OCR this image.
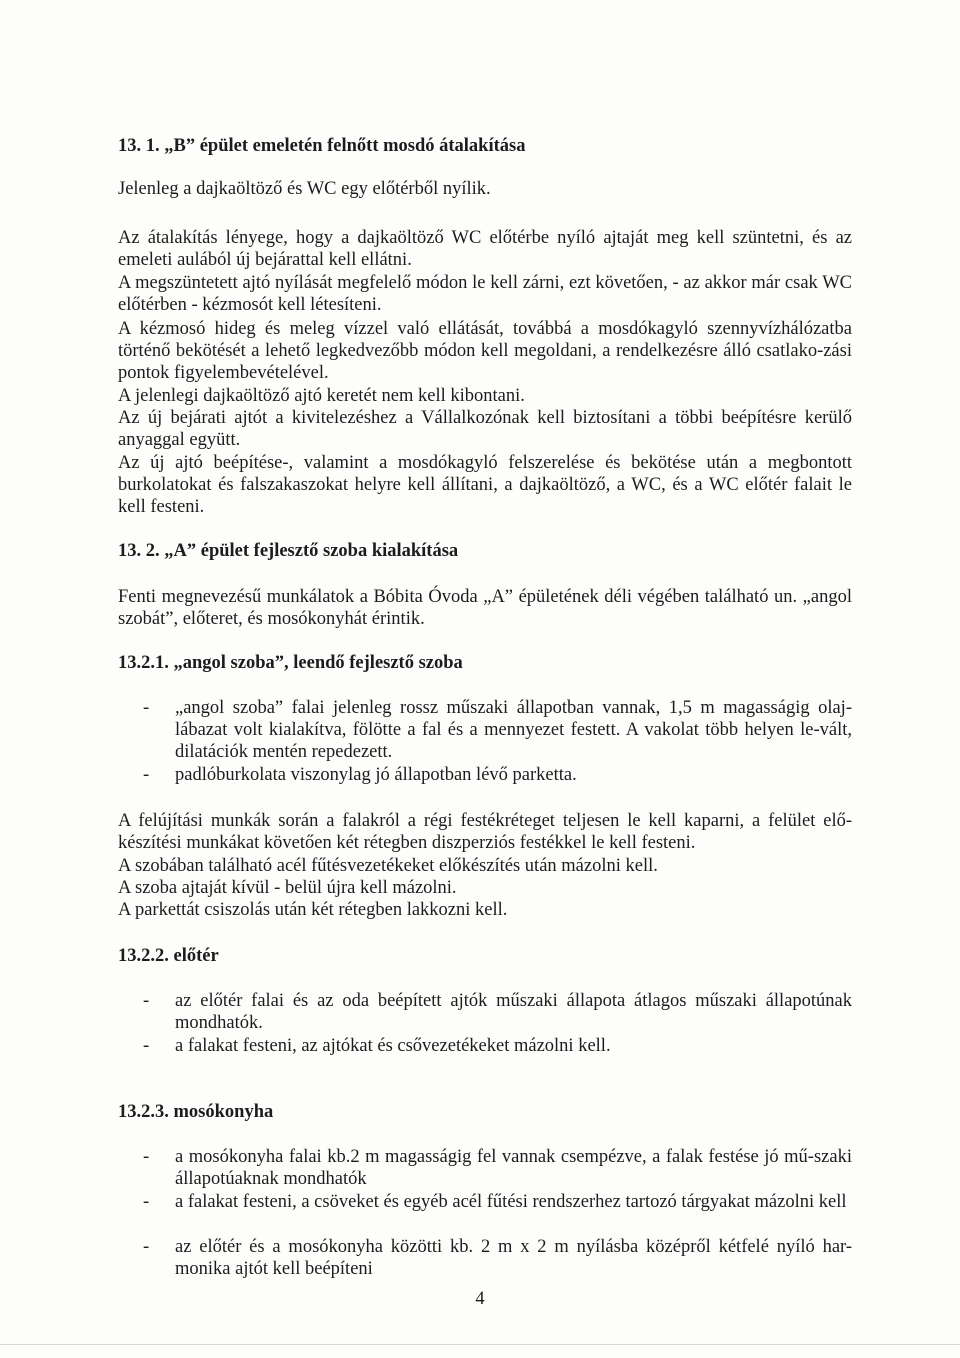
13. 1. „B” épület emeletén felnőtt mosdó átalakítása

Jelenleg a dajkaöltöző és WC egy előtérből nyílik.

Az átalakítás lényege, hogy a dajkaöltöző WC előtérbe nyíló ajtaját meg kell szüntetni, és az emeleti aulából új bejárattal kell ellátni.

A megszüntetett ajtó nyílását megfelelő módon le kell zárni, ezt követően, - az akkor már csak WC előtérben - kézmosót kell létesíteni.

A kézmosó hideg és meleg vízzel való ellátását, továbbá a mosdókagyló szennyvízhálózatba történő bekötését a lehető legkedvezőbb módon kell megoldani, a rendelkezésre álló csatlako-zási pontok figyelembevételével.

A jelenlegi dajkaöltöző ajtó keretét nem kell kibontani.

Az új bejárati ajtót a kivitelezéshez a Vállalkozónak kell biztosítani a többi beépítésre kerülő anyaggal együtt.

Az új ajtó beépítése-, valamint a mosdókagyló felszerelése és bekötése után a megbontott burkolatokat és falszakaszokat helyre kell állítani, a dajkaöltöző, a WC, és a WC előtér falait le kell festeni.

13. 2. „A” épület fejlesztő szoba kialakítása

Fenti megnevezésű munkálatok a Bóbita Óvoda „A” épületének déli végében található un. „angol szobát”, előteret, és mosókonyhát érintik.

13.2.1. „angol szoba”, leendő fejlesztő szoba

- „angol szoba” falai jelenleg rossz műszaki állapotban vannak, 1,5 m magasságig olaj-lábazat volt kialakítva, fölötte a fal és a mennyezet festett. A vakolat több helyen le-vált, dilatációk mentén repedezett.

- padlóburkolata viszonylag jó állapotban lévő parketta.

A felújítási munkák során a falakról a régi festékréteget teljesen le kell kaparni, a felület elő-készítési munkákat követően két rétegben diszperziós festékkel le kell festeni.

A szobában található acél fűtésvezetékeket előkészítés után mázolni kell.

A szoba ajtaját kívül - belül újra kell mázolni.

A parkettát csiszolás után két rétegben lakkozni kell.

13.2.2. előtér

- az előtér falai és az oda beépített ajtók műszaki állapota átlagos műszaki állapotúnak mondhatók.

- a falakat festeni, az ajtókat és csővezetékeket mázolni kell.

13.2.3. mosókonyha

- a mosókonyha falai kb.2 m magasságig fel vannak csempézve, a falak festése jó mű-szaki állapotúaknak mondhatók

- a falakat festeni, a csöveket és egyéb acél fűtési rendszerhez tartozó tárgyakat mázolni kell

- az előtér és a mosókonyha közötti kb. 2 m x 2 m nyílásba középről kétfelé nyíló har-monika ajtót kell beépíteni

4
